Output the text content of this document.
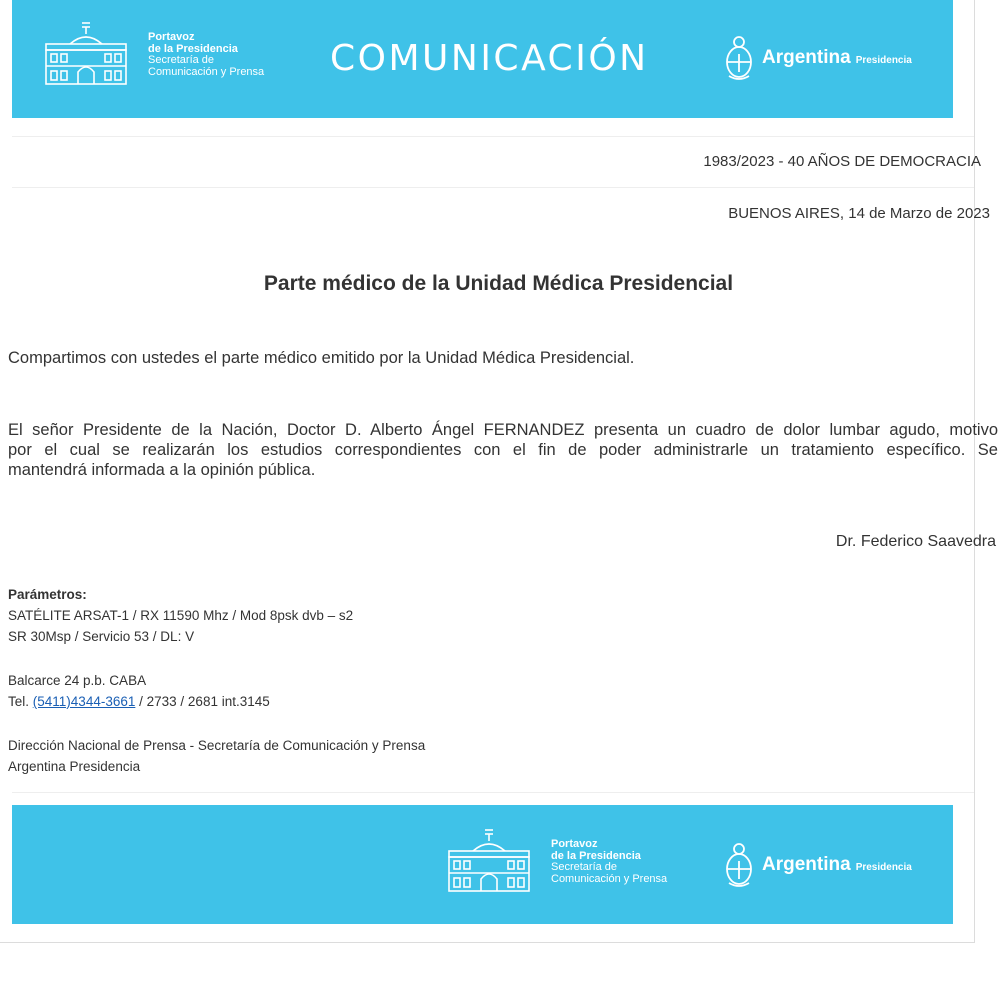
Portavoz
de la Presidencia
Secretaría de
Comunicación y Prensa COMUNICACIÓN	Argentina Presidencia
1983/2023 - 40 AÑOS DE DEMOCRACIA
BUENOS AIRES, 14 de Marzo de 2023
Parte médico de la Unidad Médica Presidencial
Compartimos con ustedes el parte médico emitido por la Unidad Médica Presidencial.
El señor Presidente de la Nación, Doctor D. Alberto Ángel FERNANDEZ presenta un cuadro de dolor lumbar agudo, motivo
por el cual se realizarán los estudios correspondientes con el fin de poder administrarle un tratamiento específico. Se
mantendrá informada a la opinión pública.
Dr. Federico Saavedra
Parámetros:
SATÉLITE ARSAT-1 / RX 11590 Mhz / Mod 8psk dvb – s2
SR 30Msp / Servicio 53 / DL: V
Balcarce 24 p.b. CABA
Tel. (5411)4344-3661 / 2733 / 2681 int.3145
Dirección Nacional de Prensa - Secretaría de Comunicación y Prensa
Argentina Presidencia
Portavoz
de la Presidencia
Secretaría de
Comunicación y Prensa
Argentina Presidencia
